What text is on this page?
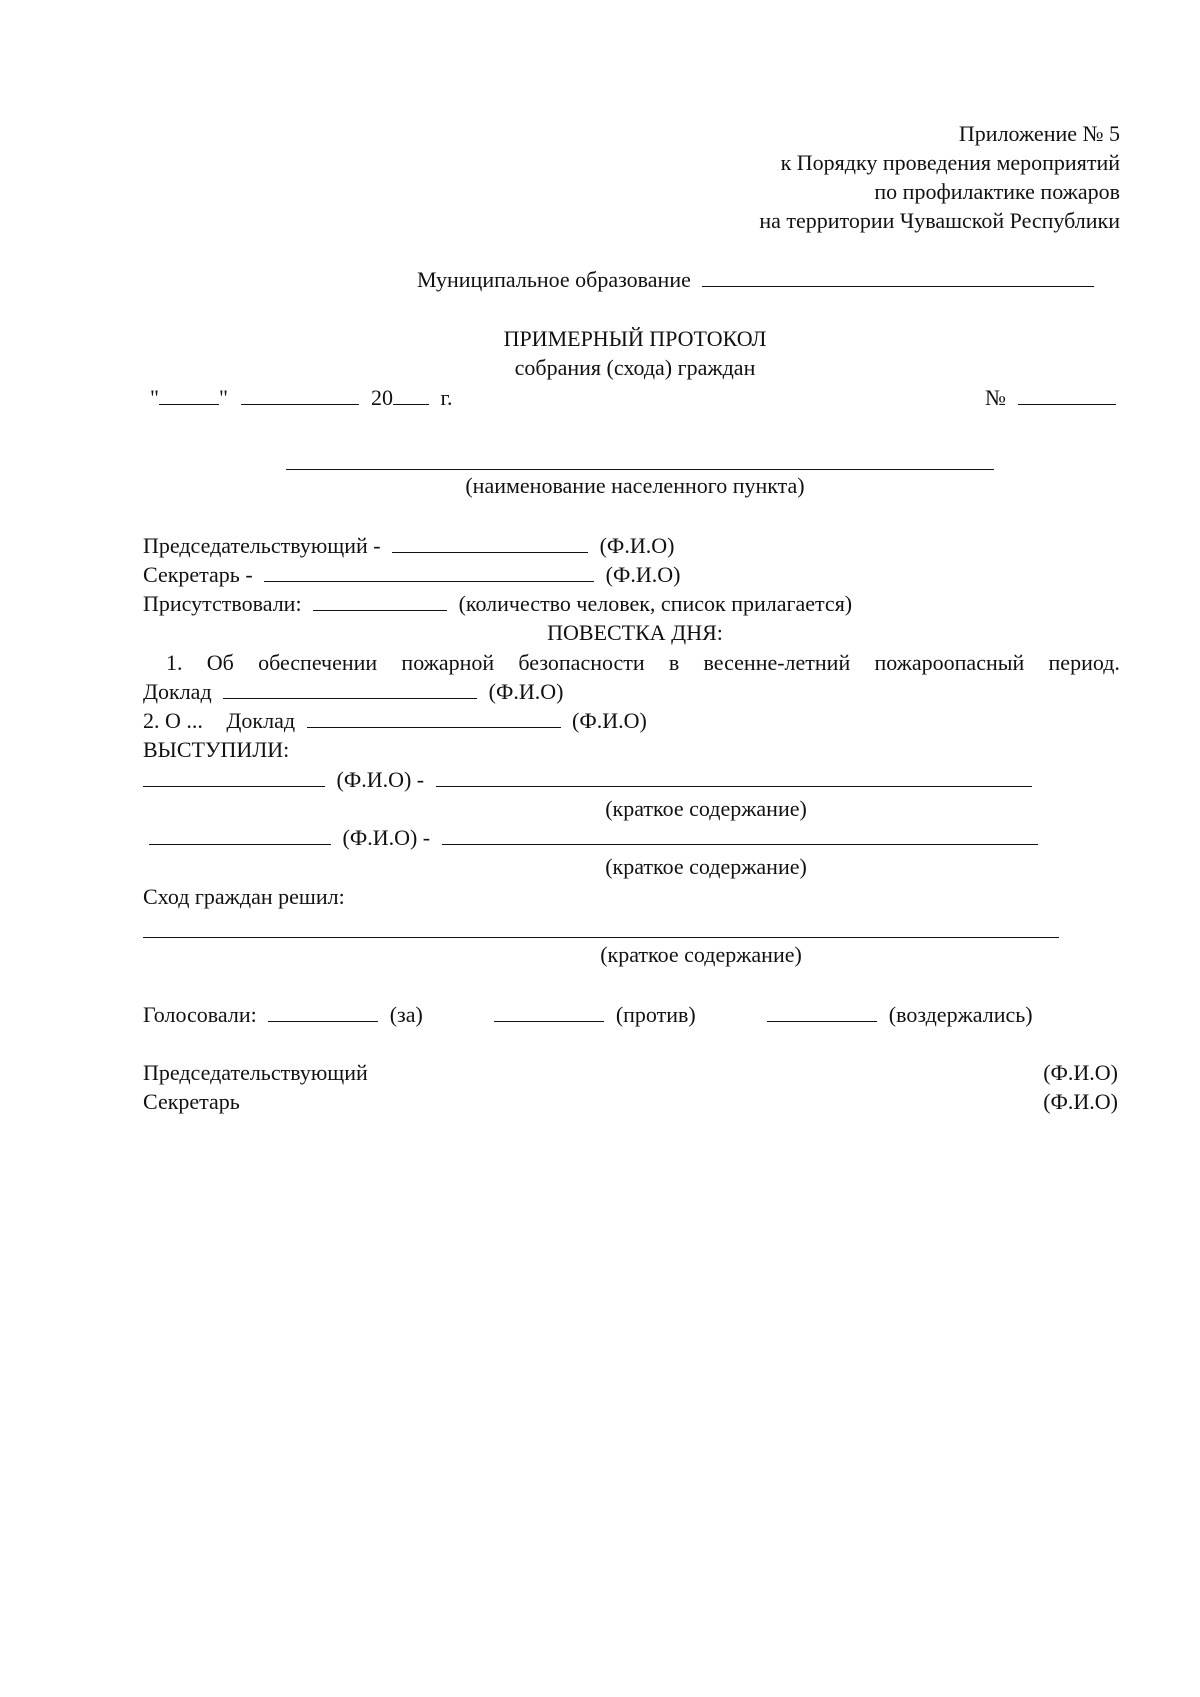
Приложение № 5
к Порядку проведения мероприятий
по профилактике пожаров
на территории Чувашской Республики
Муниципальное образование
ПРИМЕРНЫЙ ПРОТОКОЛ
собрания (схода) граждан
"	"	20 г.	№
(наименование населенного пункта)
Председательствующий -	(Ф.И.О)
Секретарь -	(Ф.И.О)
Присутствовали:	(количество человек, список прилагается)
ПОВЕСТКА ДНЯ:
1. Об обеспечении пожарной безопасности в весенне-летний пожароопасный период.
Доклад	(Ф.И.О)
2. О ... Доклад	(Ф.И.О)
ВЫСТУПИЛИ:
(Ф.И.О) -
(краткое содержание)
(Ф.И.О) -
(краткое содержание)
Сход граждан решил:
(краткое содержание)
Голосовали:	(за)	(против)	(воздержались)
Председательствующий	(Ф.И.О)
Секретарь	(Ф.И.О)
